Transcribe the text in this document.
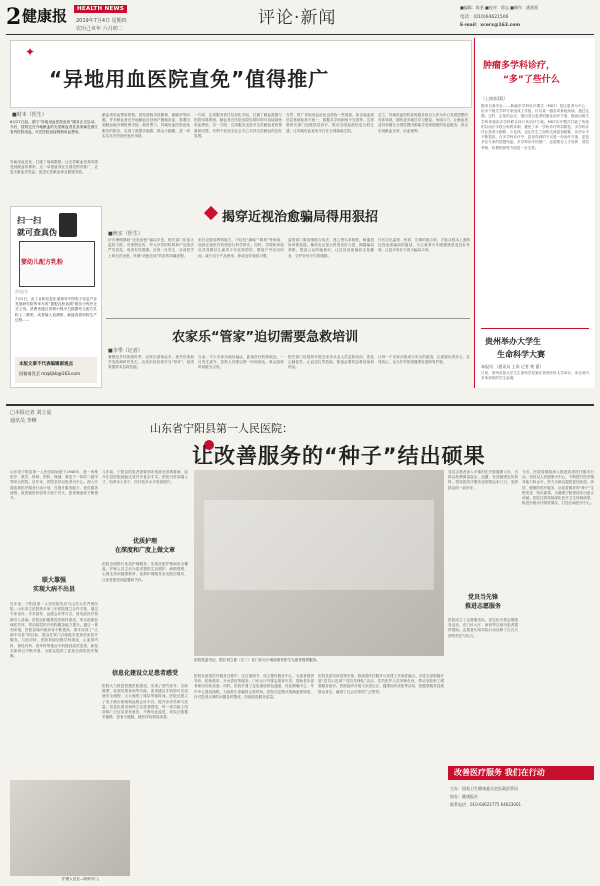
2 健康报	HEALTH NEWS
2019年7月4日 星期四
农历己亥年 六月初二
评论·新闻
■编辑：陈坚 ■校对：徐志 ■制作：潘茜茜
电话：(010)64621506
E-mail：xcerx@163.com
✦
“异地用血医院直免”值得推广
■时本（医生）
6月27日起，浙江“异地用血医院直免”服务正式启动。今后，按规定在外地献血的无偿献血者及其家属在浙江省内医院用血，可在医院直接报销用血费用。
异地用血直免，打破了地域限制，让无偿献血者真切感受到献血的尊荣，这一举措值得在全国范围内推广，让更多献血者受益，促进无偿献血事业健康发展。
献血者用血费用报销，曾经面临手续繁琐、跑腿多等问题。许多献血者在外地献血后回到户籍地用血，需要回到献血地办理报销手续，耗时费力。异地用血医院直免服务的推出，实现了数据多跑路、群众少跑腿，是一项实实在在的便民惠民举措。
一方面，这项服务依托信息化手段，打通了献血数据与医院结算系统，献血者在医院出院结算时即可直接减免用血费用。另一方面，这项服务也是对无偿献血者的尊重和回馈，有利于营造全社会关心支持无偿献血的良好氛围。
当然，推广异地用血直免也面临一些挑战，如各地血液信息系统标准不统一、数据共享机制尚不完善等。这需要相关部门加强顶层设计，推动全国血液信息互联互通，让异地用血直免早日在全国落地生根。
总之，异地用血医院直免服务是以人民为中心发展思想的具体体现，期待更多地区学习借鉴，形成合力，让献血者及其家属在全国范围内都能享受到便捷的用血服务，真正实现献血光荣、用血便利。
肿瘤多学科诊疗，
“多”了些什么
（上接第1版）
据来自新华社……肿瘤多学科诊疗模式（MDT）是以患者为中心，由多个相关学科专家组成工作组，针对某一器官或系统疾病，通过定期、定时、定址的会议，提出适合患者的最佳治疗方案，继而由相关学科单独或多学科联合执行该治疗方案。MDT诊疗模式打破了传统的以治疗手段分科的体制，避免了单一学科诊疗的局限性。多学科诊疗让患者少跑路、少花钱，也让医生之间的交流更加频繁，诊疗水平不断提高。在多学科诊疗中，患者得到的不仅是一份治疗方案，更是多位专家的智慧结晶。多学科诊疗的推广，还需要在人才培养、绩效考核、收费机制等方面进一步完善。
贵州举办大学生
生命科学大赛
本报讯 （通讯员 王涛 记者 黄 蔷）
日前，贵州首届大学生生命科学竞赛在贵州医科大学举行，来自省内多所高校的学生参赛。
扫一扫
就可查真伪
婴幼儿配方乳粉
焦旭/作
7月2日，由工业和信息化部指导中国电子信息产业发展研究院等举办的“婴配乳粉追溯”微信小程序正式上线。消费者通过该微小程序扫描婴幼儿配方乳粉上二维码，或者输入追溯码，就能查看奶粉生产过程……
本版文章不代表编辑部观点
投稿请发至 mzpljkb@163.com
揭穿近视治愈骗局得用狠招
■秋实（医生）
针对暑假期间“近视治愈”骗局多发，相关部门应加大监管力度，对虚假宣传、夸大疗效的机构和产品依法严厉查处，形成有效震慑。近视一旦发生，目前医学上尚无法治愈，所谓“治愈近视”的宣传均属虚假。
家长应提高辨别能力，不轻信“摘镜”“降度”等承诺，选择正规医疗机构进行科学矫正。同时，学校和家庭应共同做好儿童青少年近视防控，增加户外活动时间，减少电子产品使用，养成良好用眼习惯。
监管部门要加强联合执法，建立黑名单制度，畅通投诉举报渠道。媒体也应加大科普宣传力度，揭露骗局套路，提高公众防骗意识，让近视治愈骗局无处藏身，守护好孩子们的眼睛。
只有打出监管、科普、自律的组合拳，才能从根本上遏制近视治愈骗局的蔓延，为儿童青少年眼健康营造良好环境，让更多家长不再为骗局买单。
农家乐“管家”迫切需要急救培训
■李季（记者）
暑期是乡村旅游旺季，农家乐游客众多，意外伤害和突发疾病时有发生。农家乐经营者作为“管家”，亟须掌握基本急救技能。
当前，不少农家乐地处偏远，距离医疗机构较远，一旦发生意外，急救人员难以第一时间到达，黄金抢救时间极为宝贵。
相关部门应组织开展农家乐从业人员急救培训，普及心肺复苏、止血包扎等技能，配备必要的急救设备和药品。
让每一个农家乐都成为安全的港湾，让游客玩得开心、住得放心，也为乡村旅游健康发展保驾护航。
□本报记者 刘立夏
通讯员 李峰
山东省宁阳县第一人民医院：
让改善服务的“种子”结出硕果
山东省宁阳县第一人民医院始建于1948年，是一所集医疗、教学、科研、预防、保健、康复于一体的二级甲等综合医院。近年来，医院坚持以患者为中心，深入开展改善医疗服务行动计划，在提升服务能力、优化服务流程、改善就医体验等方面下功夫，患者满意度不断提升。
联大靠强
实现大病不出县
近年来，宁阳县第一人民医院先后与山东大学齐鲁医院、山东省立医院等多家三甲医院建立合作关系，通过专家坐诊、手术指导、远程会诊等方式，将优质医疗资源引入县域。医院还积极推进医联体建设，牵头组建县域医共体，带动基层医疗机构服务能力提升。通过一系列举措，医院县域内就诊率不断提高，基本实现了“大病不出县”的目标，群众在家门口就能享受到优质医疗服务。与此同时，医院持续加强学科建设，心血管内科、神经内科、普外科等重点专科建设成效显著，新技术新项目不断开展，为群众提供了更加全面的医疗保障。
几年前，宁阳县的患者需要到市里甚至省城看病，如今在县医院就能完成许多复杂手术。医院引进高端人才，培养本土骨干，医疗技术水平显著提升。
优质护理
在深度和广度上做文章
医院全面推行优质护理服务，实现优质护理病房全覆盖。护理人员主动为患者提供生活照护、病情观察、心理支持和健康教育，延伸护理服务至出院后随访，让患者感受到温馨和关怀。
信息化建设立足患者感受
医院大力推进智慧医院建设，实现了预约挂号、自助缴费、检查结果查询等功能，患者通过手机即可完成就诊全流程，大大缩短了排队等候时间。医院还建立了电子病历系统和远程会诊平台，提升诊疗效率与质量。信息化建设始终立足患者感受，每一项功能上线前都广泛征求患者意见，不断优化改进，切实让数据多跑路、患者少跑腿，就医体验明显改善。
医院党委书记、院长刘立夏（左二）在门诊大厅现场指导医生为患者提供服务。
医院在改善医疗服务过程中，还注重细节，设立便民服务中心，为患者提供导诊、轮椅借用、开水供应等服务。门诊大厅安排志愿者引导，帮助老年患者使用自助设备。同时，医院开通了急危重症绿色通道，优化胸痛中心、卒中中心建设流程，为抢救生命赢得宝贵时间。医院还定期开展满意度调查，针对患者反映的问题及时整改，持续改进服务质量。
医院党委坚持党建引领，将改善医疗服务与党建工作深度融合。各党支部积极开展“党员示范岗”“党员先锋队”活动，党员医护人员冲锋在前，带动全院职工增强服务意识。医院组织开展义诊进社区、健康知识讲座等活动，把健康服务送到群众身边，赢得了社会各界的广泛赞誉。
党员志愿者深入乡镇村庄开展健康义诊，为群众免费测量血压、血糖，发放健康宣传资料，将优质医疗服务送到群众家门口，受到群众的一致好评。
党员当先锋
推进志愿服务
医院成立了志愿服务队，常态化开展志愿服务活动，在门诊大厅、病房等区域为患者提供帮助。志愿者们用实际行动诠释了白衣天使的责任与担当。
今后，医院将继续深入推进改善医疗服务行动，坚持以人民健康为中心，不断提升医疗服务能力和水平，努力为群众提供更加优质、高效、便捷的医疗服务，让改善服务的“种子”生根发芽、结出硕果，为健康宁阳建设作出更大贡献。医院还将持续深化医疗卫生体制改革，推进分级诊疗制度落实，打造区域医疗中心。
护理人员在—阿科早门。
改善医疗服务 我们在行动
主办：国家卫生健康委员会医政医管局
协办：健康报社
联系电话：010-64621775 64623061
